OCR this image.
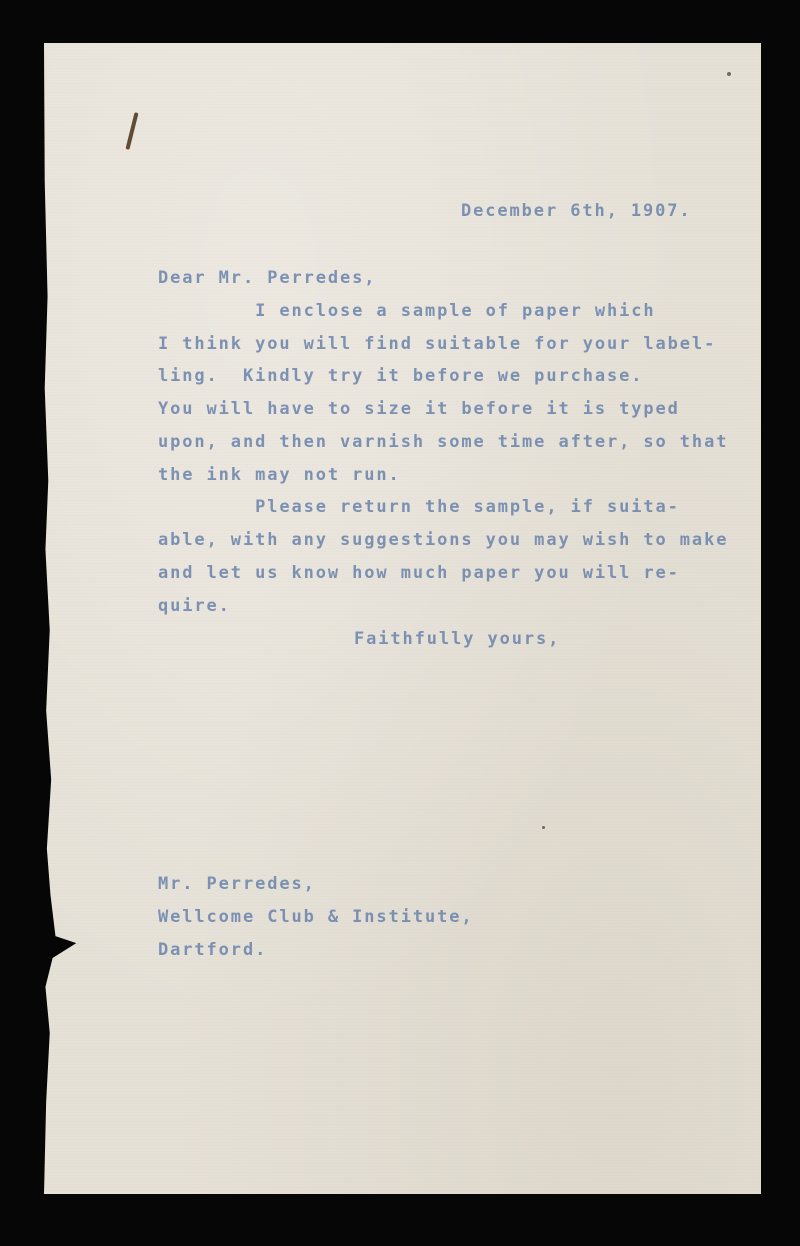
December 6th, 1907.
Dear Mr. Perredes,
I enclose a sample of paper which
I think you will find suitable for your label-
ling.  Kindly try it before we purchase.
You will have to size it before it is typed
upon, and then varnish some time after, so that
the ink may not run.
Please return the sample, if suita-
able, with any suggestions you may wish to make
and let us know how much paper you will re-
quire.
Faithfully yours,
Mr. Perredes,
Wellcome Club & Institute,
Dartford.
